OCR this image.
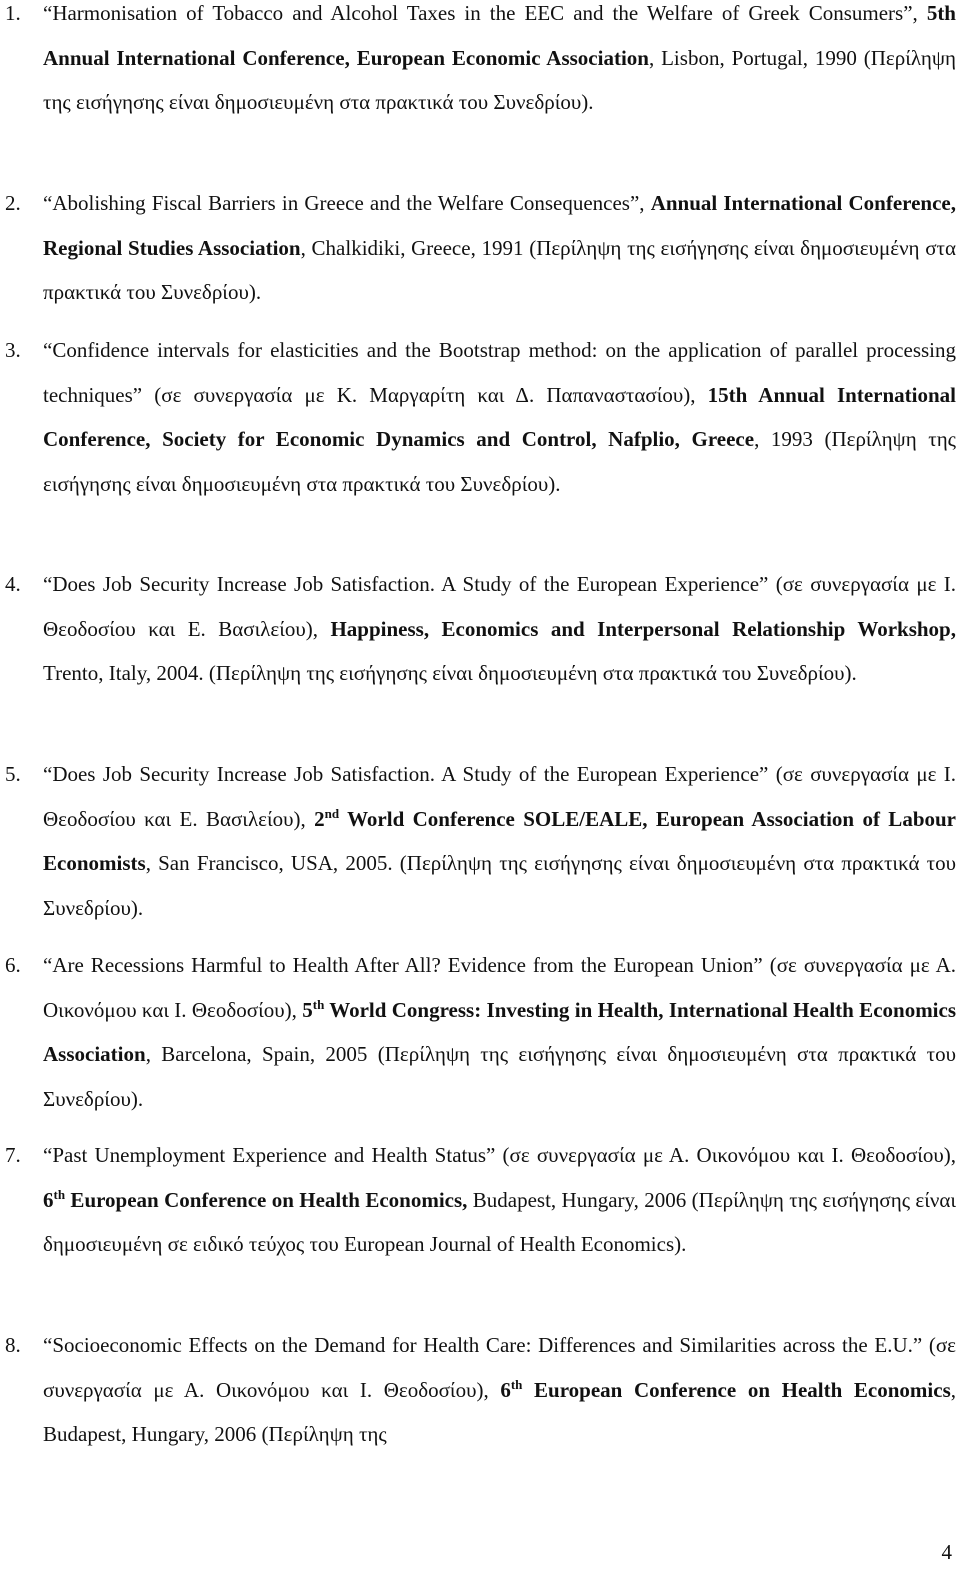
1. “Harmonisation of Tobacco and Alcohol Taxes in the EEC and the Welfare of Greek Consumers”, 5th Annual International Conference, European Economic Association, Lisbon, Portugal, 1990 (Περίληψη της εισήγησης είναι δημοσιευμένη στα πρακτικά του Συνεδρίου).
2. “Abolishing Fiscal Barriers in Greece and the Welfare Consequences”, Annual International Conference, Regional Studies Association, Chalkidiki, Greece, 1991 (Περίληψη της εισήγησης είναι δημοσιευμένη στα πρακτικά του Συνεδρίου).
3. “Confidence intervals for elasticities and the Bootstrap method: on the application of parallel processing techniques” (σε συνεργασία με Κ. Μαργαρίτη και Δ. Παπαναστασίου), 15th Annual International Conference, Society for Economic Dynamics and Control, Nafplio, Greece, 1993 (Περίληψη της εισήγησης είναι δημοσιευμένη στα πρακτικά του Συνεδρίου).
4. “Does Job Security Increase Job Satisfaction. A Study of the European Experience” (σε συνεργασία με Ι. Θεοδοσίου και Ε. Βασιλείου), Happiness, Economics and Interpersonal Relationship Workshop, Trento, Italy, 2004. (Περίληψη της εισήγησης είναι δημοσιευμένη στα πρακτικά του Συνεδρίου).
5. “Does Job Security Increase Job Satisfaction. A Study of the European Experience” (σε συνεργασία με Ι. Θεοδοσίου και Ε. Βασιλείου), 2nd World Conference SOLE/EALE, European Association of Labour Economists, San Francisco, USA, 2005. (Περίληψη της εισήγησης είναι δημοσιευμένη στα πρακτικά του Συνεδρίου).
6. “Are Recessions Harmful to Health After All? Evidence from the European Union” (σε συνεργασία με Α. Οικονόμου και Ι. Θεοδοσίου), 5th World Congress: Investing in Health, International Health Economics Association, Barcelona, Spain, 2005 (Περίληψη της εισήγησης είναι δημοσιευμένη στα πρακτικά του Συνεδρίου).
7. “Past Unemployment Experience and Health Status” (σε συνεργασία με Α. Οικονόμου και Ι. Θεοδοσίου), 6th European Conference on Health Economics, Budapest, Hungary, 2006 (Περίληψη της εισήγησης είναι δημοσιευμένη σε ειδικό τεύχος του European Journal of Health Economics).
8. “Socioeconomic Effects on the Demand for Health Care: Differences and Similarities across the E.U.” (σε συνεργασία με Α. Οικονόμου και Ι. Θεοδοσίου), 6th European Conference on Health Economics, Budapest, Hungary, 2006 (Περίληψη της
4
